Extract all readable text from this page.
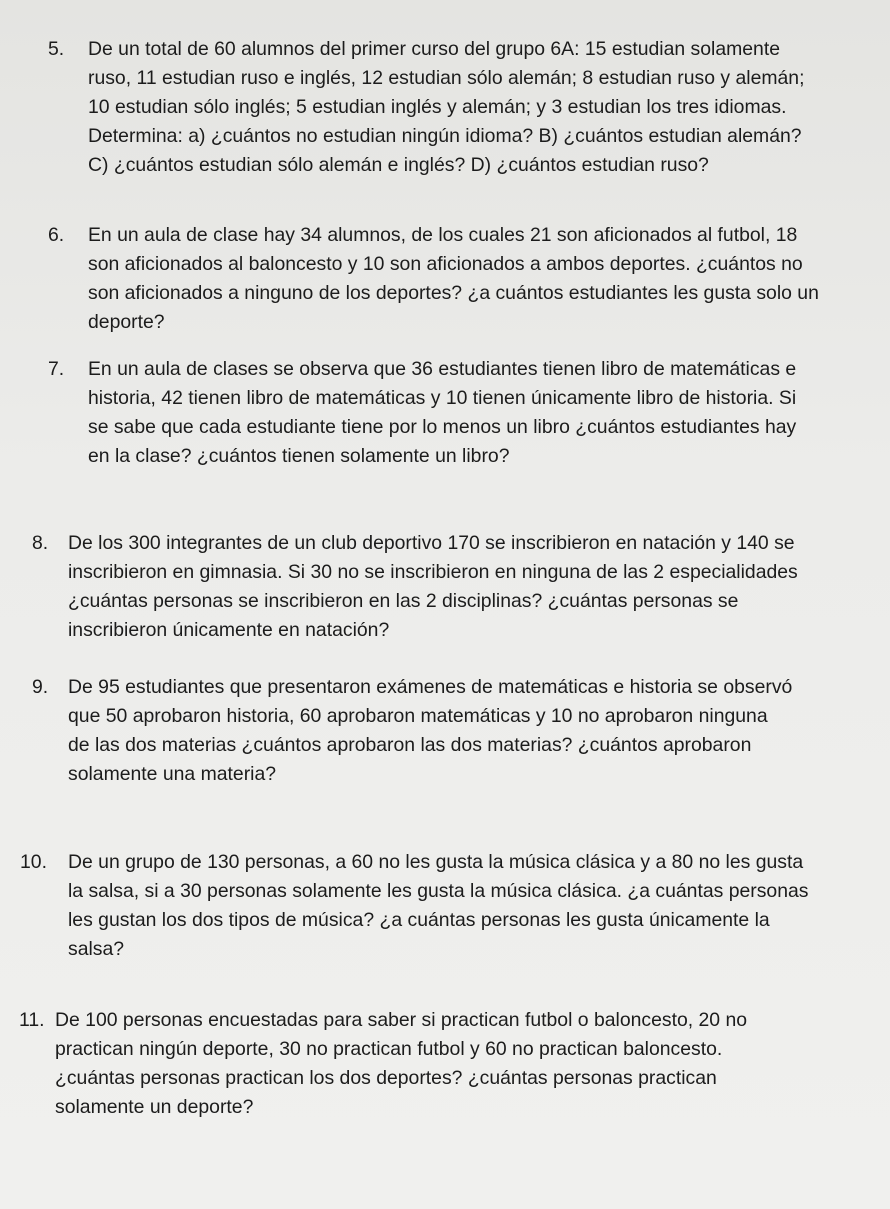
5. De un total de 60 alumnos del primer curso del grupo 6A: 15 estudian solamente
ruso, 11 estudian ruso e inglés, 12 estudian sólo alemán; 8 estudian ruso y alemán;
10 estudian sólo inglés; 5 estudian inglés y alemán; y 3 estudian los tres idiomas.
Determina: a) ¿cuántos no estudian ningún idioma? B) ¿cuántos estudian alemán?
C) ¿cuántos estudian sólo alemán e inglés? D) ¿cuántos estudian ruso?
6. En un aula de clase hay 34 alumnos, de los cuales 21 son aficionados al futbol, 18
son aficionados al baloncesto y 10 son aficionados a ambos deportes. ¿cuántos no
son aficionados a ninguno de los deportes? ¿a cuántos estudiantes les gusta solo un
deporte?
7. En un aula de clases se observa que 36 estudiantes tienen libro de matemáticas e
historia, 42 tienen libro de matemáticas y 10 tienen únicamente libro de historia. Si
se sabe que cada estudiante tiene por lo menos un libro ¿cuántos estudiantes hay
en la clase? ¿cuántos tienen solamente un libro?
8. De los 300 integrantes de un club deportivo 170 se inscribieron en natación y 140 se
inscribieron en gimnasia. Si 30 no se inscribieron en ninguna de las 2 especialidades
¿cuántas personas se inscribieron en las 2 disciplinas? ¿cuántas personas se
inscribieron únicamente en natación?
9. De 95 estudiantes que presentaron exámenes de matemáticas e historia se observó
que 50 aprobaron historia, 60 aprobaron matemáticas y 10 no aprobaron ninguna
de las dos materias ¿cuántos aprobaron las dos materias? ¿cuántos aprobaron
solamente una materia?
10. De un grupo de 130 personas, a 60 no les gusta la música clásica y a 80 no les gusta
la salsa, si a 30 personas solamente les gusta la música clásica. ¿a cuántas personas
les gustan los dos tipos de música? ¿a cuántas personas les gusta únicamente la
salsa?
11. De 100 personas encuestadas para saber si practican futbol o baloncesto, 20 no
practican ningún deporte, 30 no practican futbol y 60 no practican baloncesto.
¿cuántas personas practican los dos deportes? ¿cuántas personas practican
solamente un deporte?
